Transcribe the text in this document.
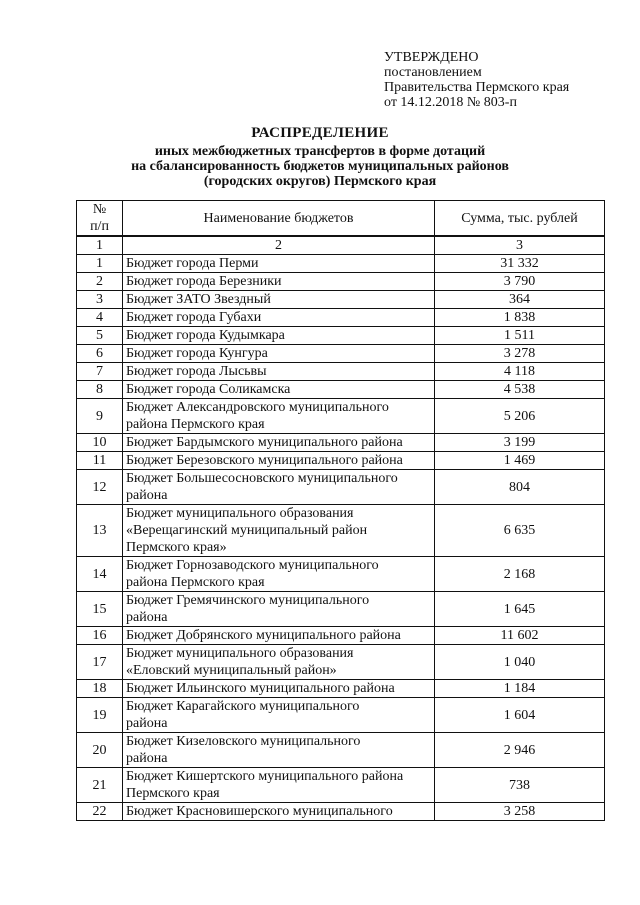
УТВЕРЖДЕНО
постановлением
Правительства Пермского края
от 14.12.2018 № 803-п
РАСПРЕДЕЛЕНИЕ
иных межбюджетных трансфертов в форме дотаций
на сбалансированность бюджетов муниципальных районов
(городских округов) Пермского края
№
п/п	Наименование бюджетов	Сумма, тыс. рублей
1	2	3
1	Бюджет города Перми	31 332
2	Бюджет города Березники	3 790
3	Бюджет ЗАТО Звездный	364
4	Бюджет города Губахи	1 838
5	Бюджет города Кудымкара	1 511
6	Бюджет города Кунгура	3 278
7	Бюджет города Лысьвы	4 118
8	Бюджет города Соликамска	4 538
9	Бюджет Александровского муниципального
района Пермского края	5 206
10	Бюджет Бардымского муниципального района	3 199
11	Бюджет Березовского муниципального района	1 469
12	Бюджет Большесосновского муниципального
района	804
13	Бюджет муниципального образования
«Верещагинский муниципальный район
Пермского края»	6 635
14	Бюджет Горнозаводского муниципального
района Пермского края	2 168
15	Бюджет Гремячинского муниципального
района	1 645
16	Бюджет Добрянского муниципального района	11 602
17	Бюджет муниципального образования
«Еловский муниципальный район»	1 040
18	Бюджет Ильинского муниципального района	1 184
19	Бюджет Карагайского муниципального
района	1 604
20	Бюджет Кизеловского муниципального
района	2 946
21	Бюджет Кишертского муниципального района
Пермского края	738
22	Бюджет Красновишерского муниципального	3 258
